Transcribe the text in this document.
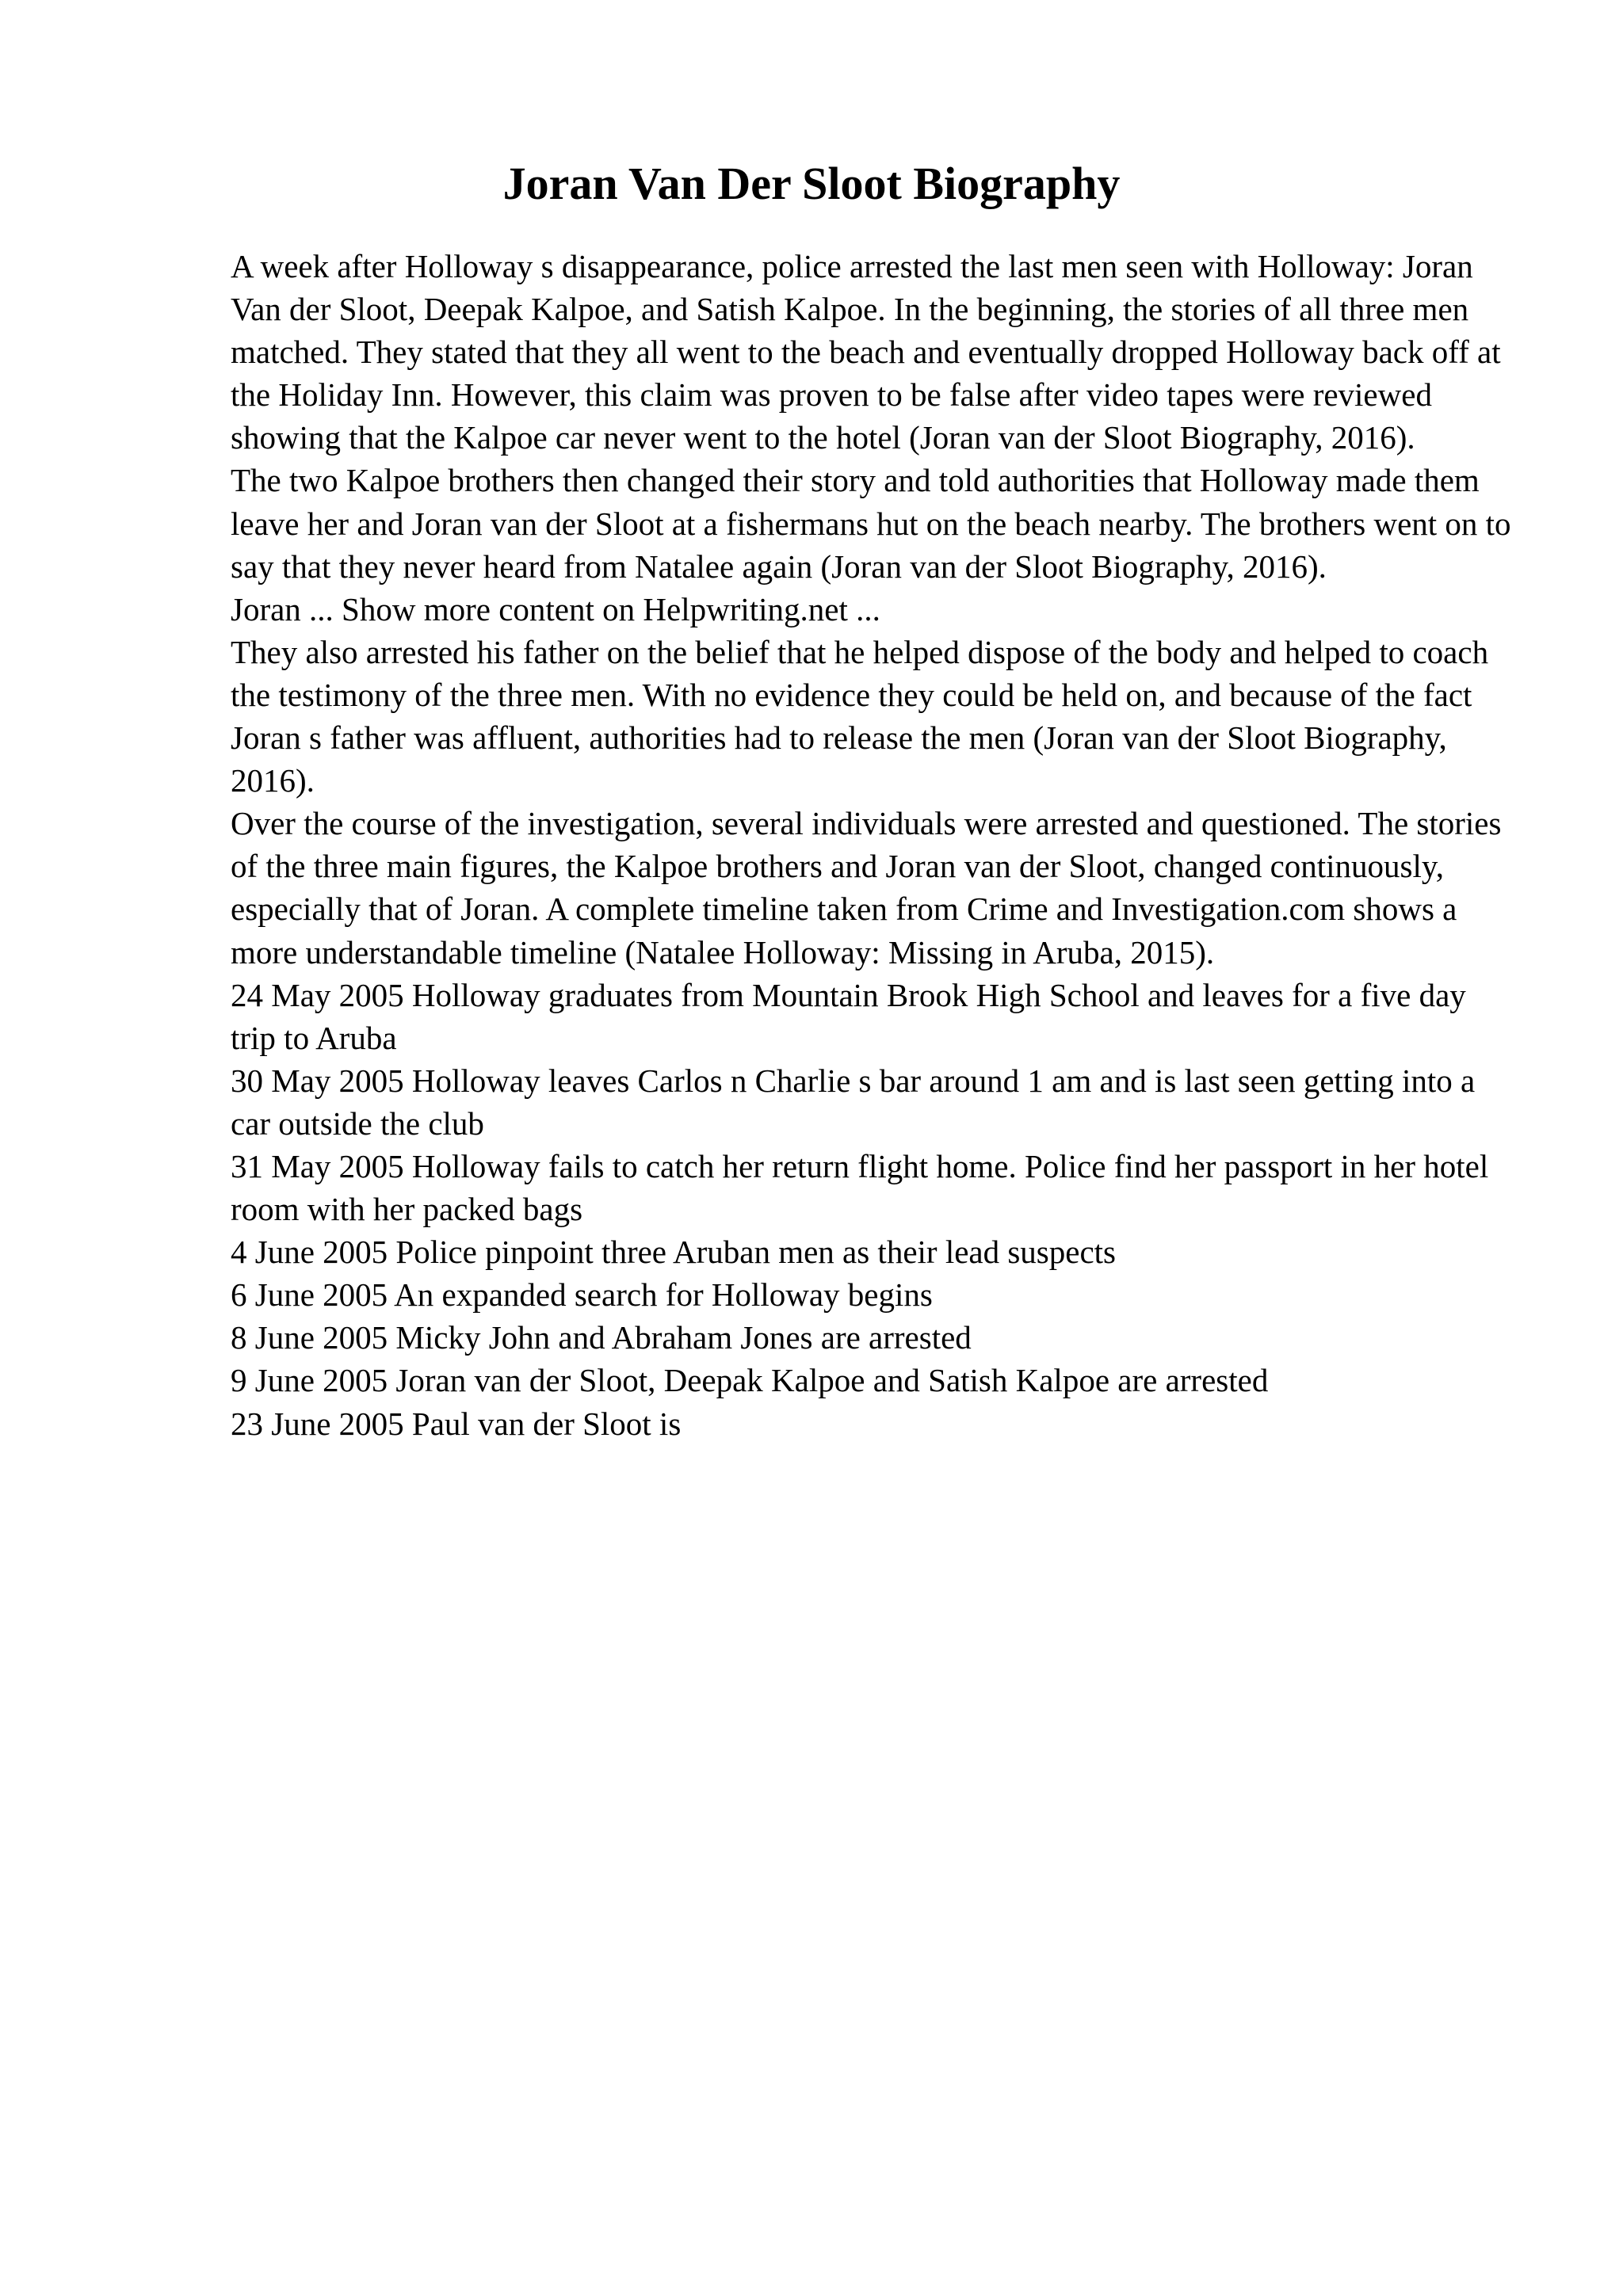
Joran Van Der Sloot Biography

A week after Holloway s disappearance, police arrested the last men seen with Holloway: Joran Van der Sloot, Deepak Kalpoe, and Satish Kalpoe. In the beginning, the stories of all three men matched. They stated that they all went to the beach and eventually dropped Holloway back off at the Holiday Inn. However, this claim was proven to be false after video tapes were reviewed showing that the Kalpoe car never went to the hotel (Joran van der Sloot Biography, 2016).

The two Kalpoe brothers then changed their story and told authorities that Holloway made them leave her and Joran van der Sloot at a fishermans hut on the beach nearby. The brothers went on to say that they never heard from Natalee again (Joran van der Sloot Biography, 2016).

Joran ... Show more content on Helpwriting.net ...

They also arrested his father on the belief that he helped dispose of the body and helped to coach the testimony of the three men. With no evidence they could be held on, and because of the fact Joran s father was affluent, authorities had to release the men (Joran van der Sloot Biography, 2016).

Over the course of the investigation, several individuals were arrested and questioned. The stories of the three main figures, the Kalpoe brothers and Joran van der Sloot, changed continuously, especially that of Joran. A complete timeline taken from Crime and Investigation.com shows a more understandable timeline (Natalee Holloway: Missing in Aruba, 2015).

24 May 2005 Holloway graduates from Mountain Brook High School and leaves for a five day trip to Aruba

30 May 2005 Holloway leaves Carlos n Charlie s bar around 1 am and is last seen getting into a car outside the club

31 May 2005 Holloway fails to catch her return flight home. Police find her passport in her hotel room with her packed bags

4 June 2005 Police pinpoint three Aruban men as their lead suspects

6 June 2005 An expanded search for Holloway begins

8 June 2005 Micky John and Abraham Jones are arrested

9 June 2005 Joran van der Sloot, Deepak Kalpoe and Satish Kalpoe are arrested

23 June 2005 Paul van der Sloot is
